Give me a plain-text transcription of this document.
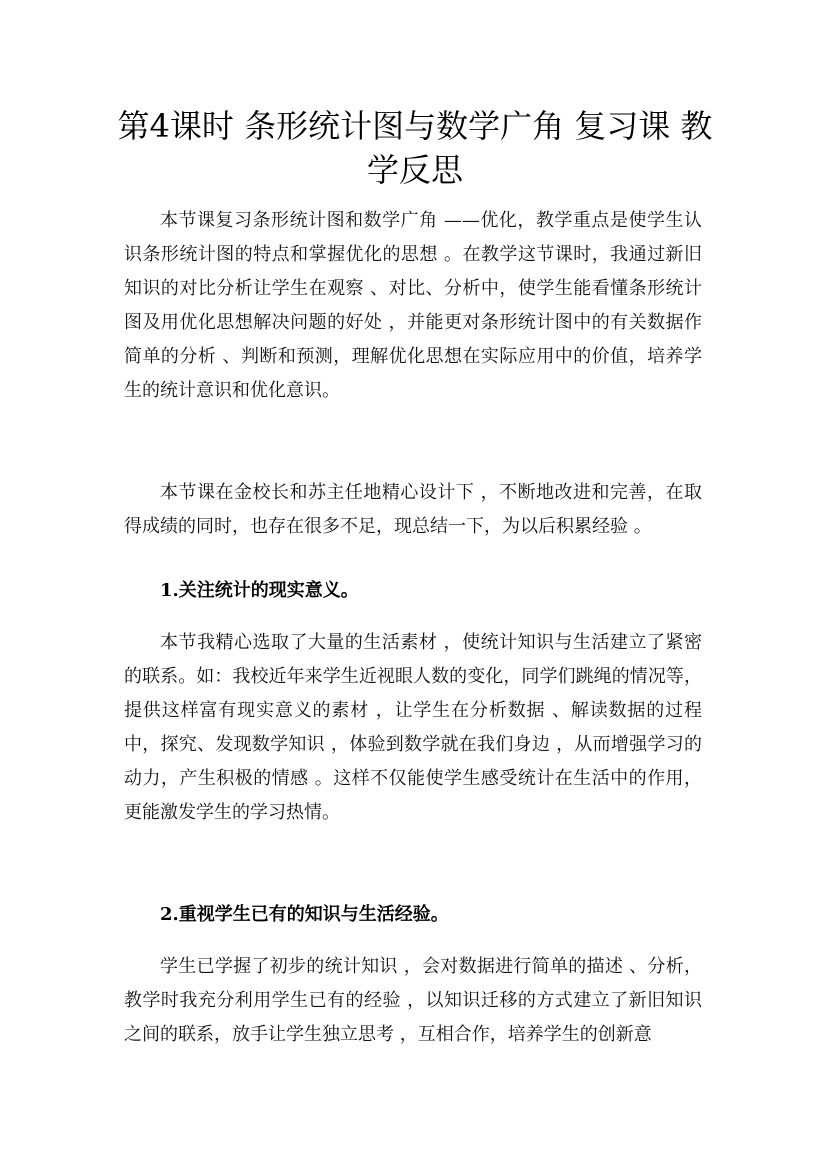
第4课时 条形统计图与数学广角 复习课 教学反思

本节课复习条形统计图和数学广角 ——优化，教学重点是使学生认识条形统计图的特点和掌握优化的思想 。在教学这节课时，我通过新旧知识的对比分析让学生在观察 、对比、分析中，使学生能看懂条形统计图及用优化思想解决问题的好处 ，并能更对条形统计图中的有关数据作简单的分析 、判断和预测，理解优化思想在实际应用中的价值，培养学生的统计意识和优化意识。

本节课在金校长和苏主任地精心设计下 ，不断地改进和完善，在取得成绩的同时，也存在很多不足，现总结一下，为以后积累经验 。

1.关注统计的现实意义。

本节我精心选取了大量的生活素材 ，使统计知识与生活建立了紧密的联系。如：我校近年来学生近视眼人数的变化，同学们跳绳的情况等，提供这样富有现实意义的素材 ，让学生在分析数据 、解读数据的过程中，探究、发现数学知识 ，体验到数学就在我们身边 ，从而增强学习的动力，产生积极的情感 。这样不仅能使学生感受统计在生活中的作用，更能激发学生的学习热情。

2.重视学生已有的知识与生活经验。

学生已学握了初步的统计知识 ，会对数据进行简单的描述 、分析，教学时我充分利用学生已有的经验 ，以知识迁移的方式建立了新旧知识之间的联系，放手让学生独立思考 ，互相合作，培养学生的创新意
